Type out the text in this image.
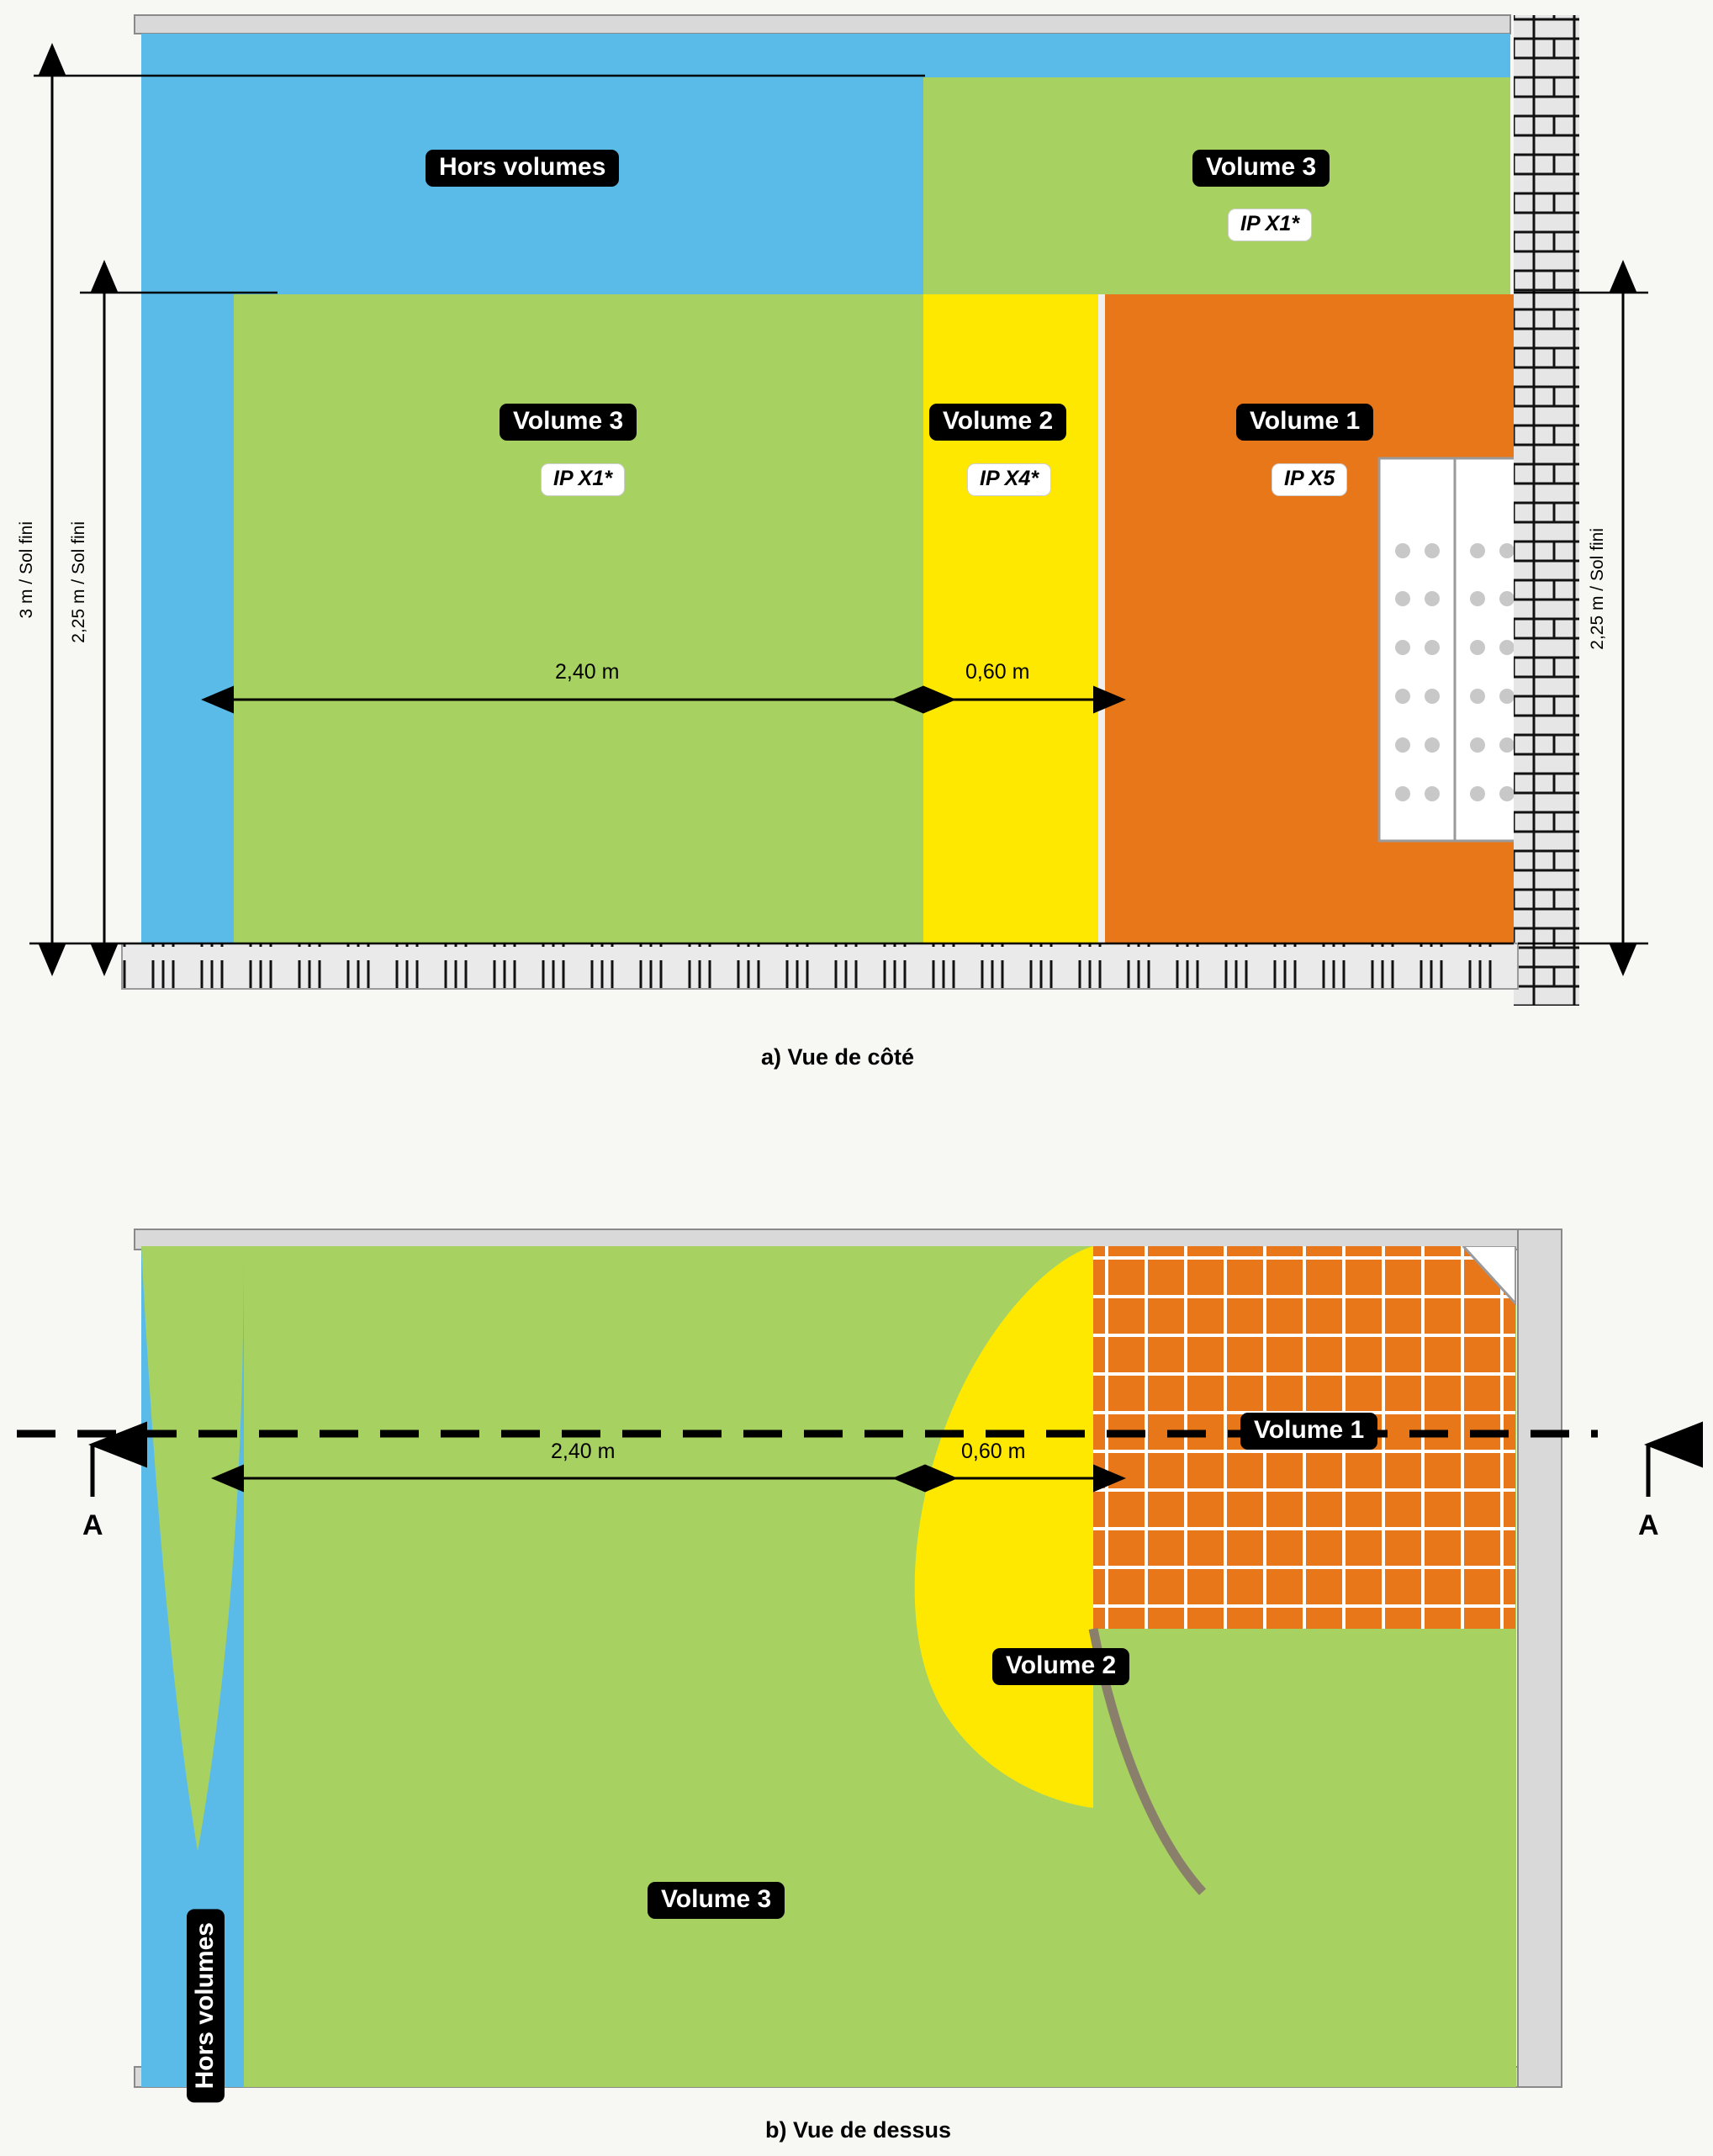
Hors volumes	Volume 3
IP X1*
Volume 3
IP X1*
Volume 2
IP X4*
Volume 1
IP X5
2,40 m	0,60 m
3 m / Sol fini 2,25 m / Sol fini	2,25 m / Sol fini
a) Vue de côté
Volume 1
Volume 2
Volume 3
Hors volumes
2,40 m	0,60 m
A	A
b) Vue de dessus
